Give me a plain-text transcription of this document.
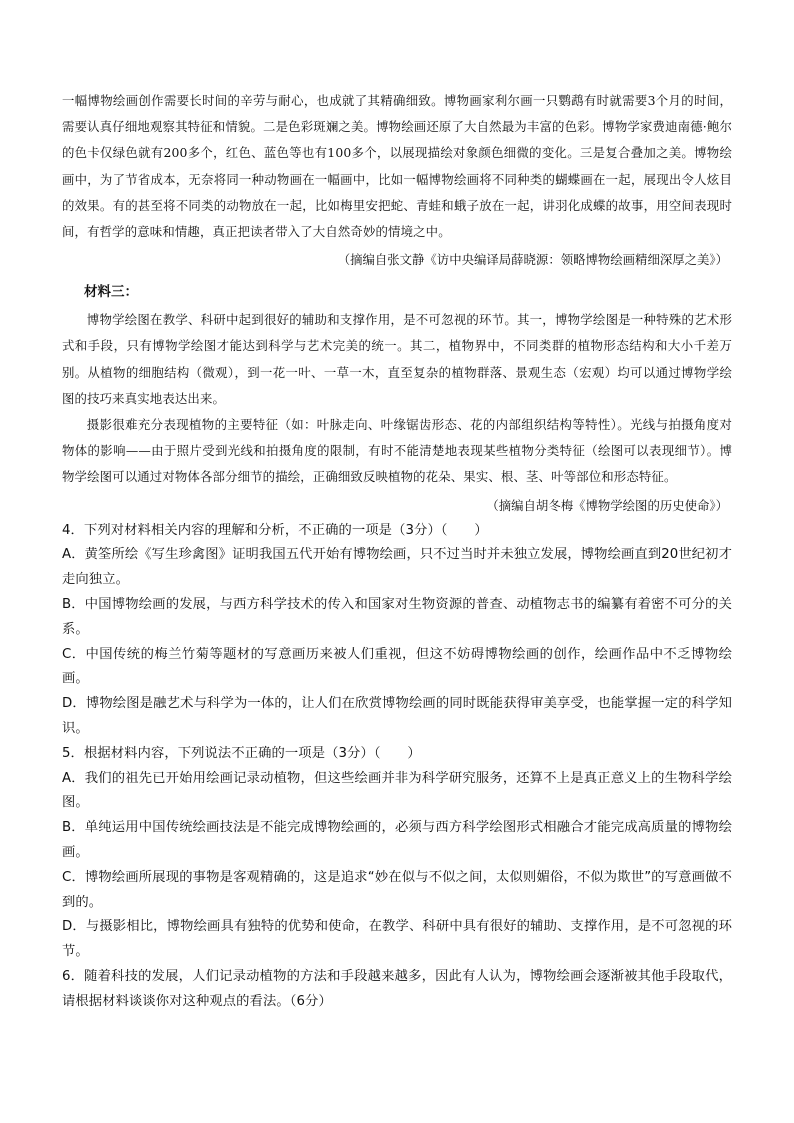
一幅博物绘画创作需要长时间的辛劳与耐心，也成就了其精确细致。博物画家利尔画一只鹦鹉有时就需要3个月的时间，需要认真仔细地观察其特征和情貌。二是色彩斑斓之美。博物绘画还原了大自然最为丰富的色彩。博物学家费迪南德·鲍尔的色卡仅绿色就有200多个，红色、蓝色等也有100多个，以展现描绘对象颜色细微的变化。三是复合叠加之美。博物绘画中，为了节省成本，无奈将同一种动物画在一幅画中，比如一幅博物绘画将不同种类的蝴蝶画在一起，展现出令人炫目的效果。有的甚至将不同类的动物放在一起，比如梅里安把蛇、青蛙和蛾子放在一起，讲羽化成蝶的故事，用空间表现时间，有哲学的意味和情趣，真正把读者带入了大自然奇妙的情境之中。

（摘编自张文静《访中央编译局薛晓源：领略博物绘画精细深厚之美》）

材料三：

博物学绘图在教学、科研中起到很好的辅助和支撑作用，是不可忽视的环节。其一，博物学绘图是一种特殊的艺术形式和手段，只有博物学绘图才能达到科学与艺术完美的统一。其二，植物界中，不同类群的植物形态结构和大小千差万别。从植物的细胞结构（微观），到一花一叶、一草一木，直至复杂的植物群落、景观生态（宏观）均可以通过博物学绘图的技巧来真实地表达出来。

摄影很难充分表现植物的主要特征（如：叶脉走向、叶缘锯齿形态、花的内部组织结构等特性）。光线与拍摄角度对物体的影响——由于照片受到光线和拍摄角度的限制，有时不能清楚地表现某些植物分类特征（绘图可以表现细节）。博物学绘图可以通过对物体各部分细节的描绘，正确细致反映植物的花朵、果实、根、茎、叶等部位和形态特征。

（摘编自胡冬梅《博物学绘图的历史使命》）

4．下列对材料相关内容的理解和分析，不正确的一项是（3分）（　　）

A．黄筌所绘《写生珍禽图》证明我国五代开始有博物绘画，只不过当时并未独立发展，博物绘画直到20世纪初才走向独立。

B．中国博物绘画的发展，与西方科学技术的传入和国家对生物资源的普查、动植物志书的编纂有着密不可分的关系。

C．中国传统的梅兰竹菊等题材的写意画历来被人们重视，但这不妨碍博物绘画的创作，绘画作品中不乏博物绘画。

D．博物绘图是融艺术与科学为一体的，让人们在欣赏博物绘画的同时既能获得审美享受，也能掌握一定的科学知识。

5．根据材料内容，下列说法不正确的一项是（3分）（　　）

A．我们的祖先已开始用绘画记录动植物，但这些绘画并非为科学研究服务，还算不上是真正意义上的生物科学绘图。

B．单纯运用中国传统绘画技法是不能完成博物绘画的，必须与西方科学绘图形式相融合才能完成高质量的博物绘画。

C．博物绘画所展现的事物是客观精确的，这是追求“妙在似与不似之间，太似则媚俗，不似为欺世”的写意画做不到的。

D．与摄影相比，博物绘画具有独特的优势和使命，在教学、科研中具有很好的辅助、支撑作用，是不可忽视的环节。

6．随着科技的发展，人们记录动植物的方法和手段越来越多，因此有人认为，博物绘画会逐渐被其他手段取代，请根据材料谈谈你对这种观点的看法。（6分）
